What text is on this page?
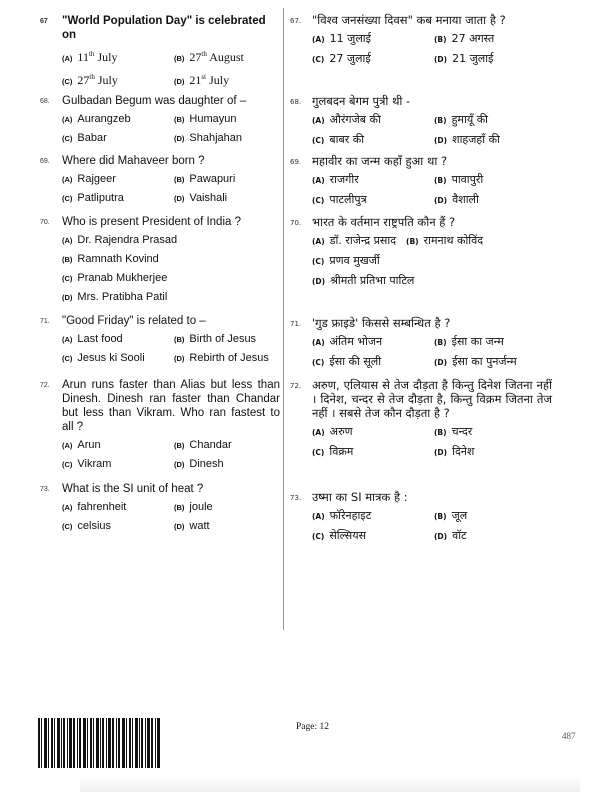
67 "World Population Day" is celebrated on
(A) 11th July	(B) 27th August
(C) 27th July	(D) 21st July
68. Gulbadan Begum was daughter of –
(A) Aurangzeb	(B) Humayun
(C) Babar	(D) Shahjahan
69. Where did Mahaveer born ?
(A) Rajgeer	(B) Pawapuri
(C) Patliputra	(D) Vaishali
70. Who is present President of India ?
(A) Dr. Rajendra Prasad
(B) Ramnath Kovind
(C) Pranab Mukherjee
(D) Mrs. Pratibha Patil
71. "Good Friday" is related to –
(A) Last food	(B) Birth of Jesus
(C) Jesus ki Sooli	(D) Rebirth of Jesus
72. Arun runs faster than Alias but less than Dinesh. Dinesh ran faster than Chandar but less than Vikram. Who ran fastest to all ?
(A) Arun	(B) Chandar
(C) Vikram	(D) Dinesh
73. What is the SI unit of heat ?
(A) fahrenheit	(B) joule
(C) celsius	(D) watt
67. "विश्व जनसंख्या दिवस" कब मनाया जाता है ?
(A) 11 जुलाई	(B) 27 अगस्त
(C) 27 जुलाई	(D) 21 जुलाई
68. गुलबदन बेगम पुत्री थी -
(A) औरंगजेब की	(B) हुमायूँ की
(C) बाबर की	(D) शाहजहाँ की
69. महावीर का जन्म कहाँ हुआ था ?
(A) राजगीर	(B) पावापुरी
(C) पाटलीपुत्र	(D) वैशाली
70. भारत के वर्तमान राष्ट्रपति कौन हैं ?
(A) डॉ. राजेन्द्र प्रसाद (B) रामनाथ कोविंद
(C) प्रणव मुखर्जी
(D) श्रीमती प्रतिभा पाटिल
71. 'गुड फ्राइडे' किससे सम्बन्धित है ?
(A) अंतिम भोजन	(B) ईसा का जन्म
(C) ईसा की सूली	(D) ईसा का पुनर्जन्म
72. अरुण, एलियास से तेज दौड़ता है किन्तु दिनेश जितना नहीं । दिनेश, चन्दर से तेज दौड़ता है, किन्तु विक्रम जितना तेज नहीं । सबसे तेज कौन दौड़ता है ?
(A) अरुण	(B) चन्दर
(C) विक्रम	(D) दिनेश
73. उष्मा का SI मात्रक है :
(A) फॉरेनहाइट	(B) जूल
(C) सेल्सियस	(D) वॉट
Page: 12
487
